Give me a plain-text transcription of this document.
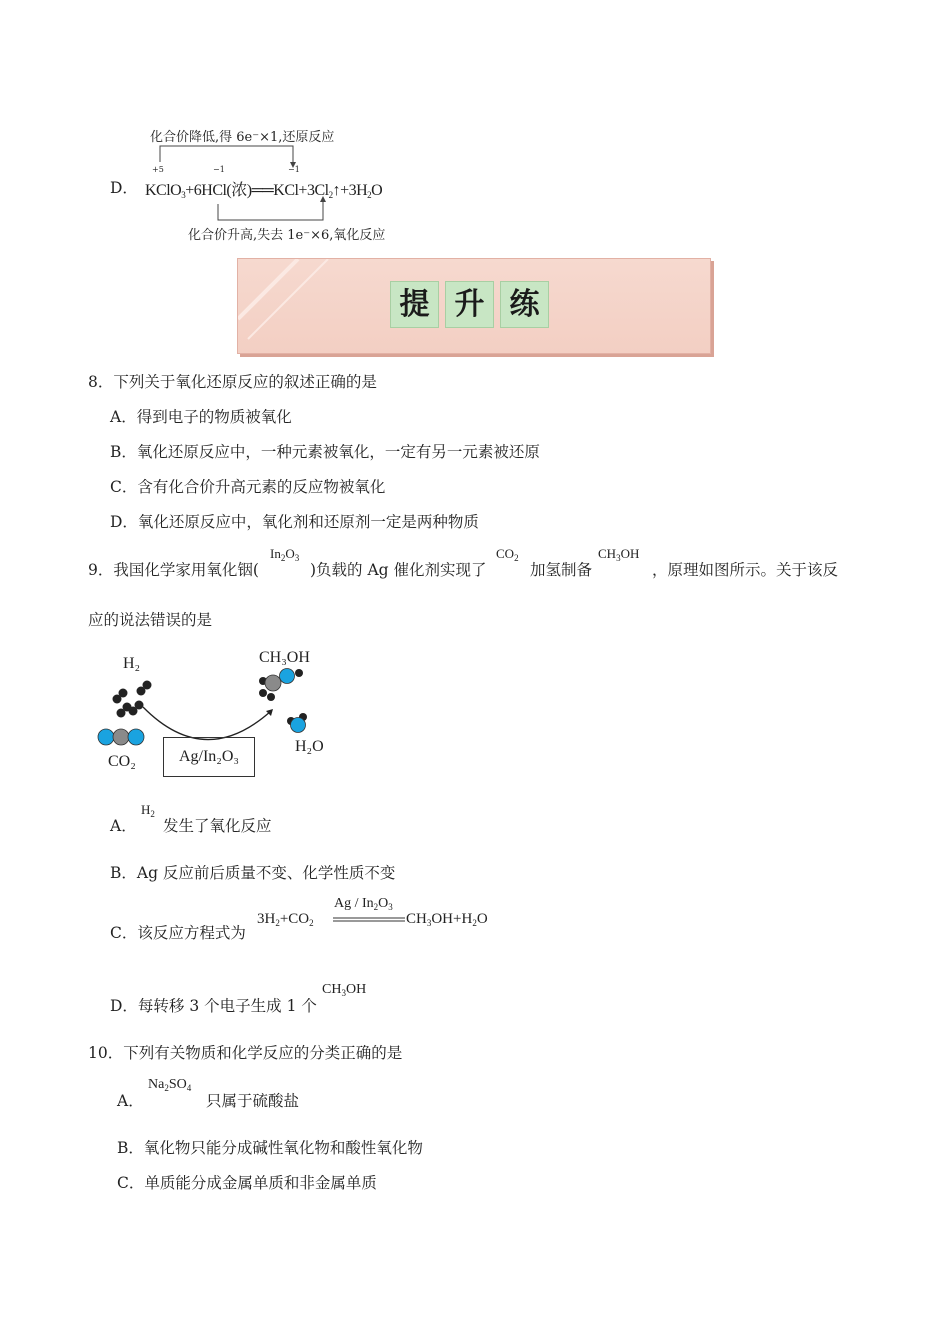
D．
化合价降低,得 6e⁻×1,还原反应
+5	−1	−1
KClO$_3$+6HCl(浓)$══KCl+3Cl_2↑+3H_2O$
化合价升高,失去 1e⁻×6,氧化反应
提 升 练
8．下列关于氧化还原反应的叙述正确的是
A．得到电子的物质被氧化
B．氧化还原反应中，一种元素被氧化，一定有另一元素被还原
C．含有化合价升高元素的反应物被氧化
D．氧化还原反应中，氧化剂和还原剂一定是两种物质
9．我国化学家用氧化铟(
$In_2O_3$
)负载的 Ag 催化剂实现了
$CO_2$
加氢制备
$CH_3OH$
，原理如图所示。关于该反
应的说法错误的是
H₂	CH₃OH
CO₂
H₂O
Ag/In₂O₃
A．
$H_2$
发生了氧化反应
B．Ag 反应前后质量不变、化学性质不变
C．该反应方程式为
$3H_2+CO_2$
Ag / $In_2O_3$
$CH_3OH+H_2O$
D．每转移 3 个电子生成 1 个
$CH_3OH$
10．下列有关物质和化学反应的分类正确的是
A．
$Na_2SO_4$
只属于硫酸盐
B．氧化物只能分成碱性氧化物和酸性氧化物
C．单质能分成金属单质和非金属单质
